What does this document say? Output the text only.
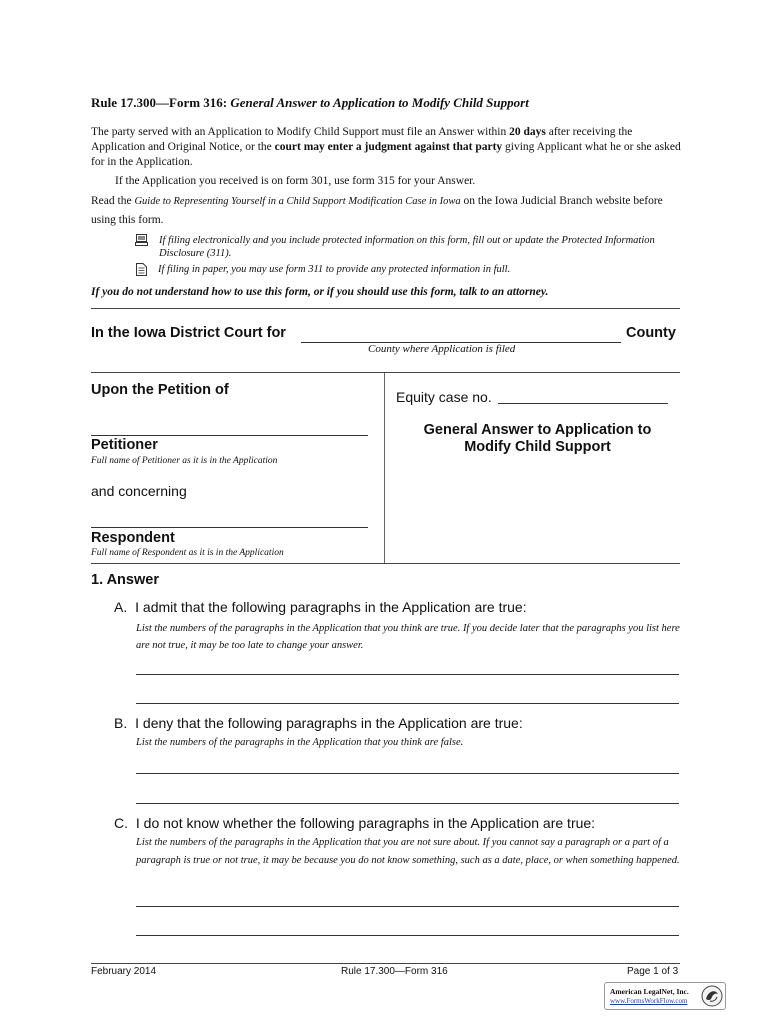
Rule 17.300—Form 316: General Answer to Application to Modify Child Support
The party served with an Application to Modify Child Support must file an Answer within 20 days after receiving the Application and Original Notice, or the court may enter a judgment against that party giving Applicant what he or she asked for in the Application.
If the Application you received is on form 301, use form 315 for your Answer.
Read the Guide to Representing Yourself in a Child Support Modification Case in Iowa on the Iowa Judicial Branch website before using this form.
If filing electronically and you include protected information on this form, fill out or update the Protected Information Disclosure (311).
If filing in paper, you may use form 311 to provide any protected information in full.
If you do not understand how to use this form, or if you should use this form, talk to an attorney.
In the Iowa District Court for	County
County where Application is filed
Upon the Petition of
Petitioner
Full name of Petitioner as it is in the Application
and concerning
Respondent
Full name of Respondent as it is in the Application
Equity case no.
General Answer to Application to
Modify Child Support
1. Answer
A. I admit that the following paragraphs in the Application are true:
List the numbers of the paragraphs in the Application that you think are true. If you decide later that the paragraphs you list here are not true, it may be too late to change your answer.
B. I deny that the following paragraphs in the Application are true:
List the numbers of the paragraphs in the Application that you think are false.
C. I do not know whether the following paragraphs in the Application are true:
List the numbers of the paragraphs in the Application that you are not sure about. If you cannot say a paragraph or a part of a paragraph is true or not true, it may be because you do not know something, such as a date, place, or when something happened.
February 2014	Rule 17.300—Form 316	Page 1 of 3
American LegalNet, Inc.
www.FormsWorkFlow.com
